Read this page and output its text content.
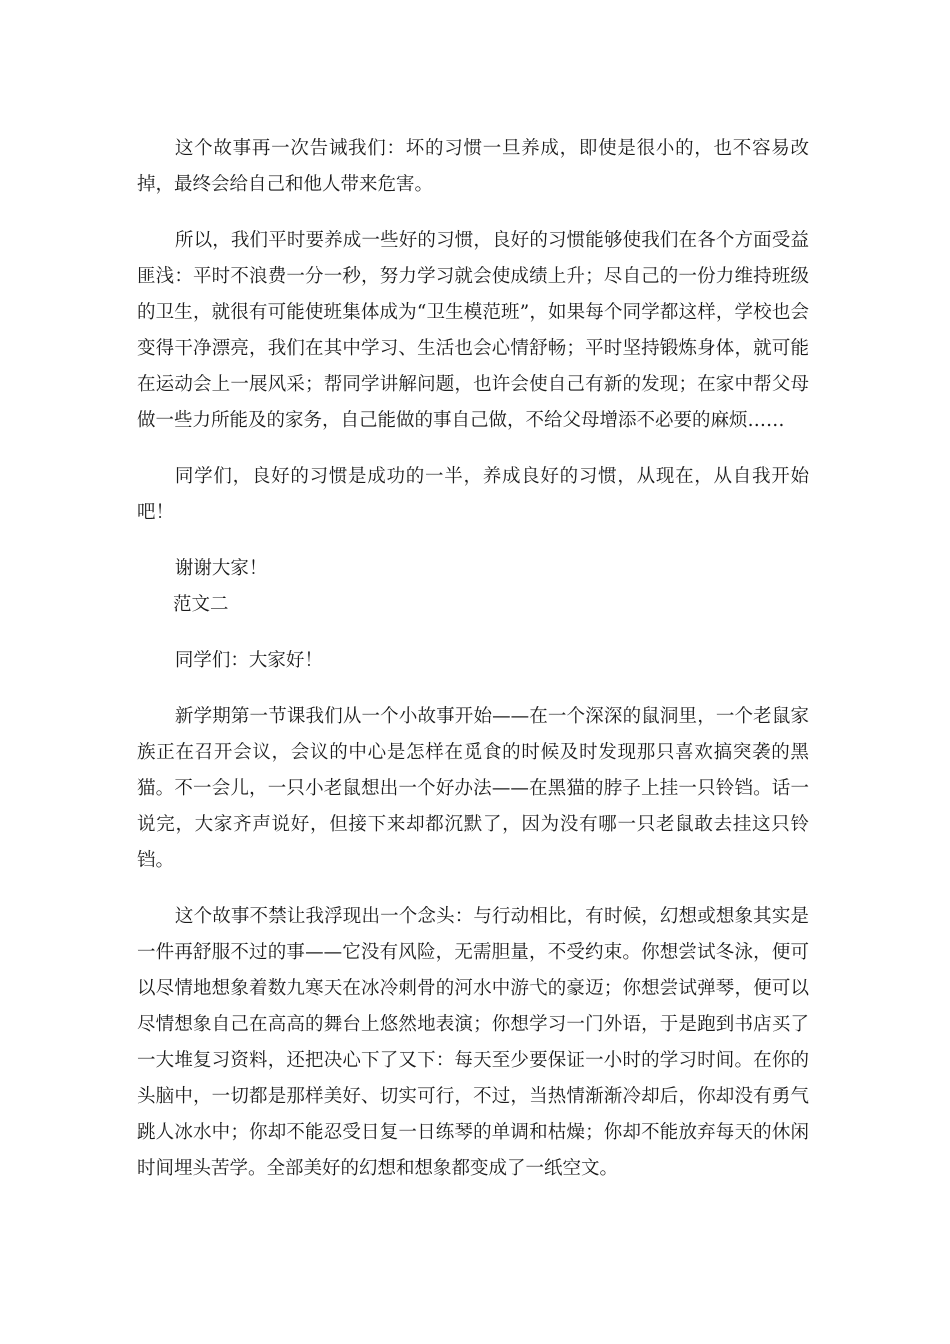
这个故事再一次告诫我们：坏的习惯一旦养成，即使是很小的，也不容易改掉，最终会给自己和他人带来危害。

所以，我们平时要养成一些好的习惯，良好的习惯能够使我们在各个方面受益匪浅：平时不浪费一分一秒，努力学习就会使成绩上升；尽自己的一份力维持班级的卫生，就很有可能使班集体成为“卫生模范班”，如果每个同学都这样，学校也会变得干净漂亮，我们在其中学习、生活也会心情舒畅；平时坚持锻炼身体，就可能在运动会上一展风采；帮同学讲解问题，也许会使自己有新的发现；在家中帮父母做一些力所能及的家务，自己能做的事自己做，不给父母增添不必要的麻烦……

同学们，良好的习惯是成功的一半，养成良好的习惯，从现在，从自我开始吧！

谢谢大家！

范文二

同学们：大家好！

新学期第一节课我们从一个小故事开始——在一个深深的鼠洞里，一个老鼠家族正在召开会议，会议的中心是怎样在觅食的时候及时发现那只喜欢搞突袭的黑猫。不一会儿，一只小老鼠想出一个好办法——在黑猫的脖子上挂一只铃铛。话一说完，大家齐声说好，但接下来却都沉默了，因为没有哪一只老鼠敢去挂这只铃铛。

这个故事不禁让我浮现出一个念头：与行动相比，有时候，幻想或想象其实是一件再舒服不过的事——它没有风险，无需胆量，不受约束。你想尝试冬泳，便可以尽情地想象着数九寒天在冰冷刺骨的河水中游弋的豪迈；你想尝试弹琴，便可以尽情想象自己在高高的舞台上悠然地表演；你想学习一门外语，于是跑到书店买了一大堆复习资料，还把决心下了又下：每天至少要保证一小时的学习时间。在你的头脑中，一切都是那样美好、切实可行，不过，当热情渐渐冷却后，你却没有勇气跳人冰水中；你却不能忍受日复一日练琴的单调和枯燥；你却不能放弃每天的休闲时间埋头苦学。全部美好的幻想和想象都变成了一纸空文。
